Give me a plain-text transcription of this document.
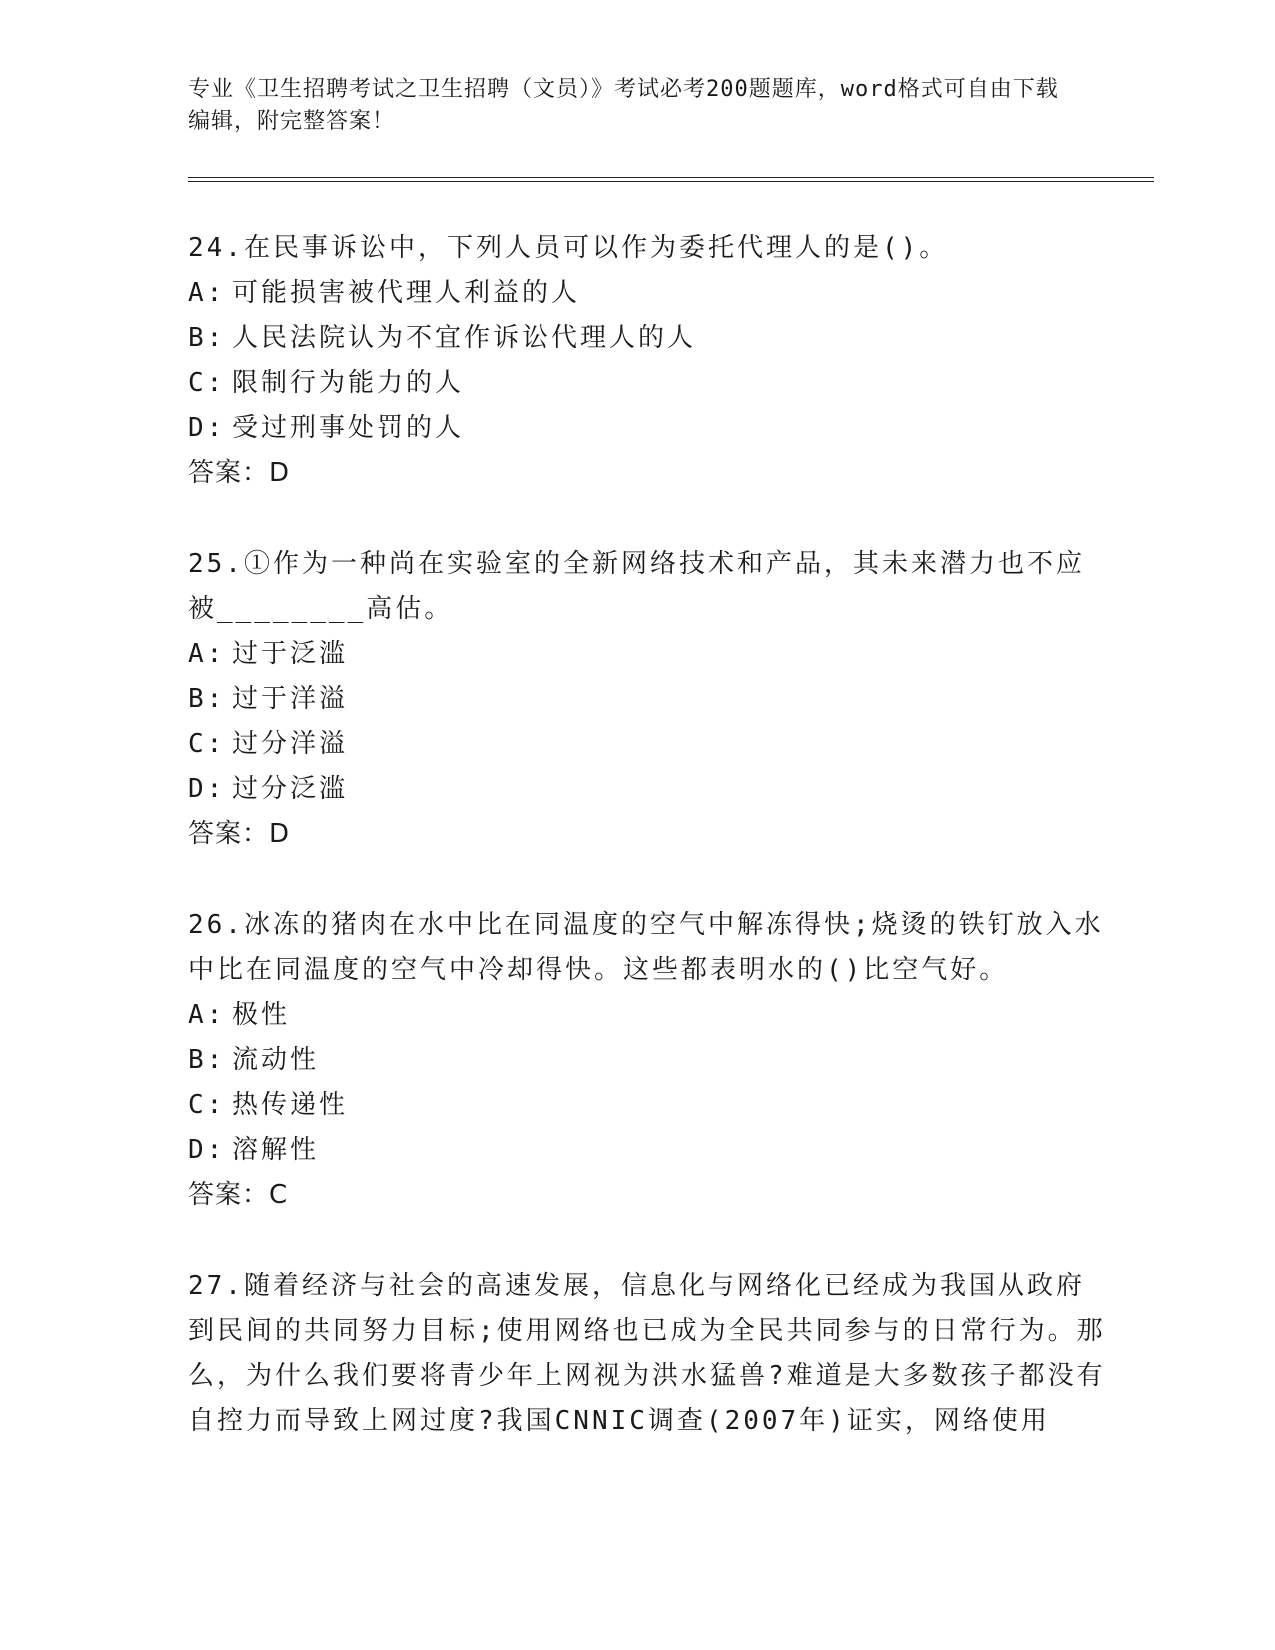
专业《卫生招聘考试之卫生招聘（文员）》考试必考200题题库，word格式可自由下载编辑，附完整答案！

24.在民事诉讼中，下列人员可以作为委托代理人的是()。

A: 可能损害被代理人利益的人

B: 人民法院认为不宜作诉讼代理人的人

C: 限制行为能力的人

D: 受过刑事处罚的人

答案：D

25.①作为一种尚在实验室的全新网络技术和产品，其未来潜力也不应被________高估。

A: 过于泛滥

B: 过于洋溢

C: 过分洋溢

D: 过分泛滥

答案：D

26.冰冻的猪肉在水中比在同温度的空气中解冻得快;烧烫的铁钉放入水中比在同温度的空气中冷却得快。这些都表明水的()比空气好。

A: 极性

B: 流动性

C: 热传递性

D: 溶解性

答案：C

27.随着经济与社会的高速发展，信息化与网络化已经成为我国从政府到民间的共同努力目标;使用网络也已成为全民共同参与的日常行为。那么，为什么我们要将青少年上网视为洪水猛兽?难道是大多数孩子都没有自控力而导致上网过度?我国CNNIC调查(2007年)证实，网络使用
